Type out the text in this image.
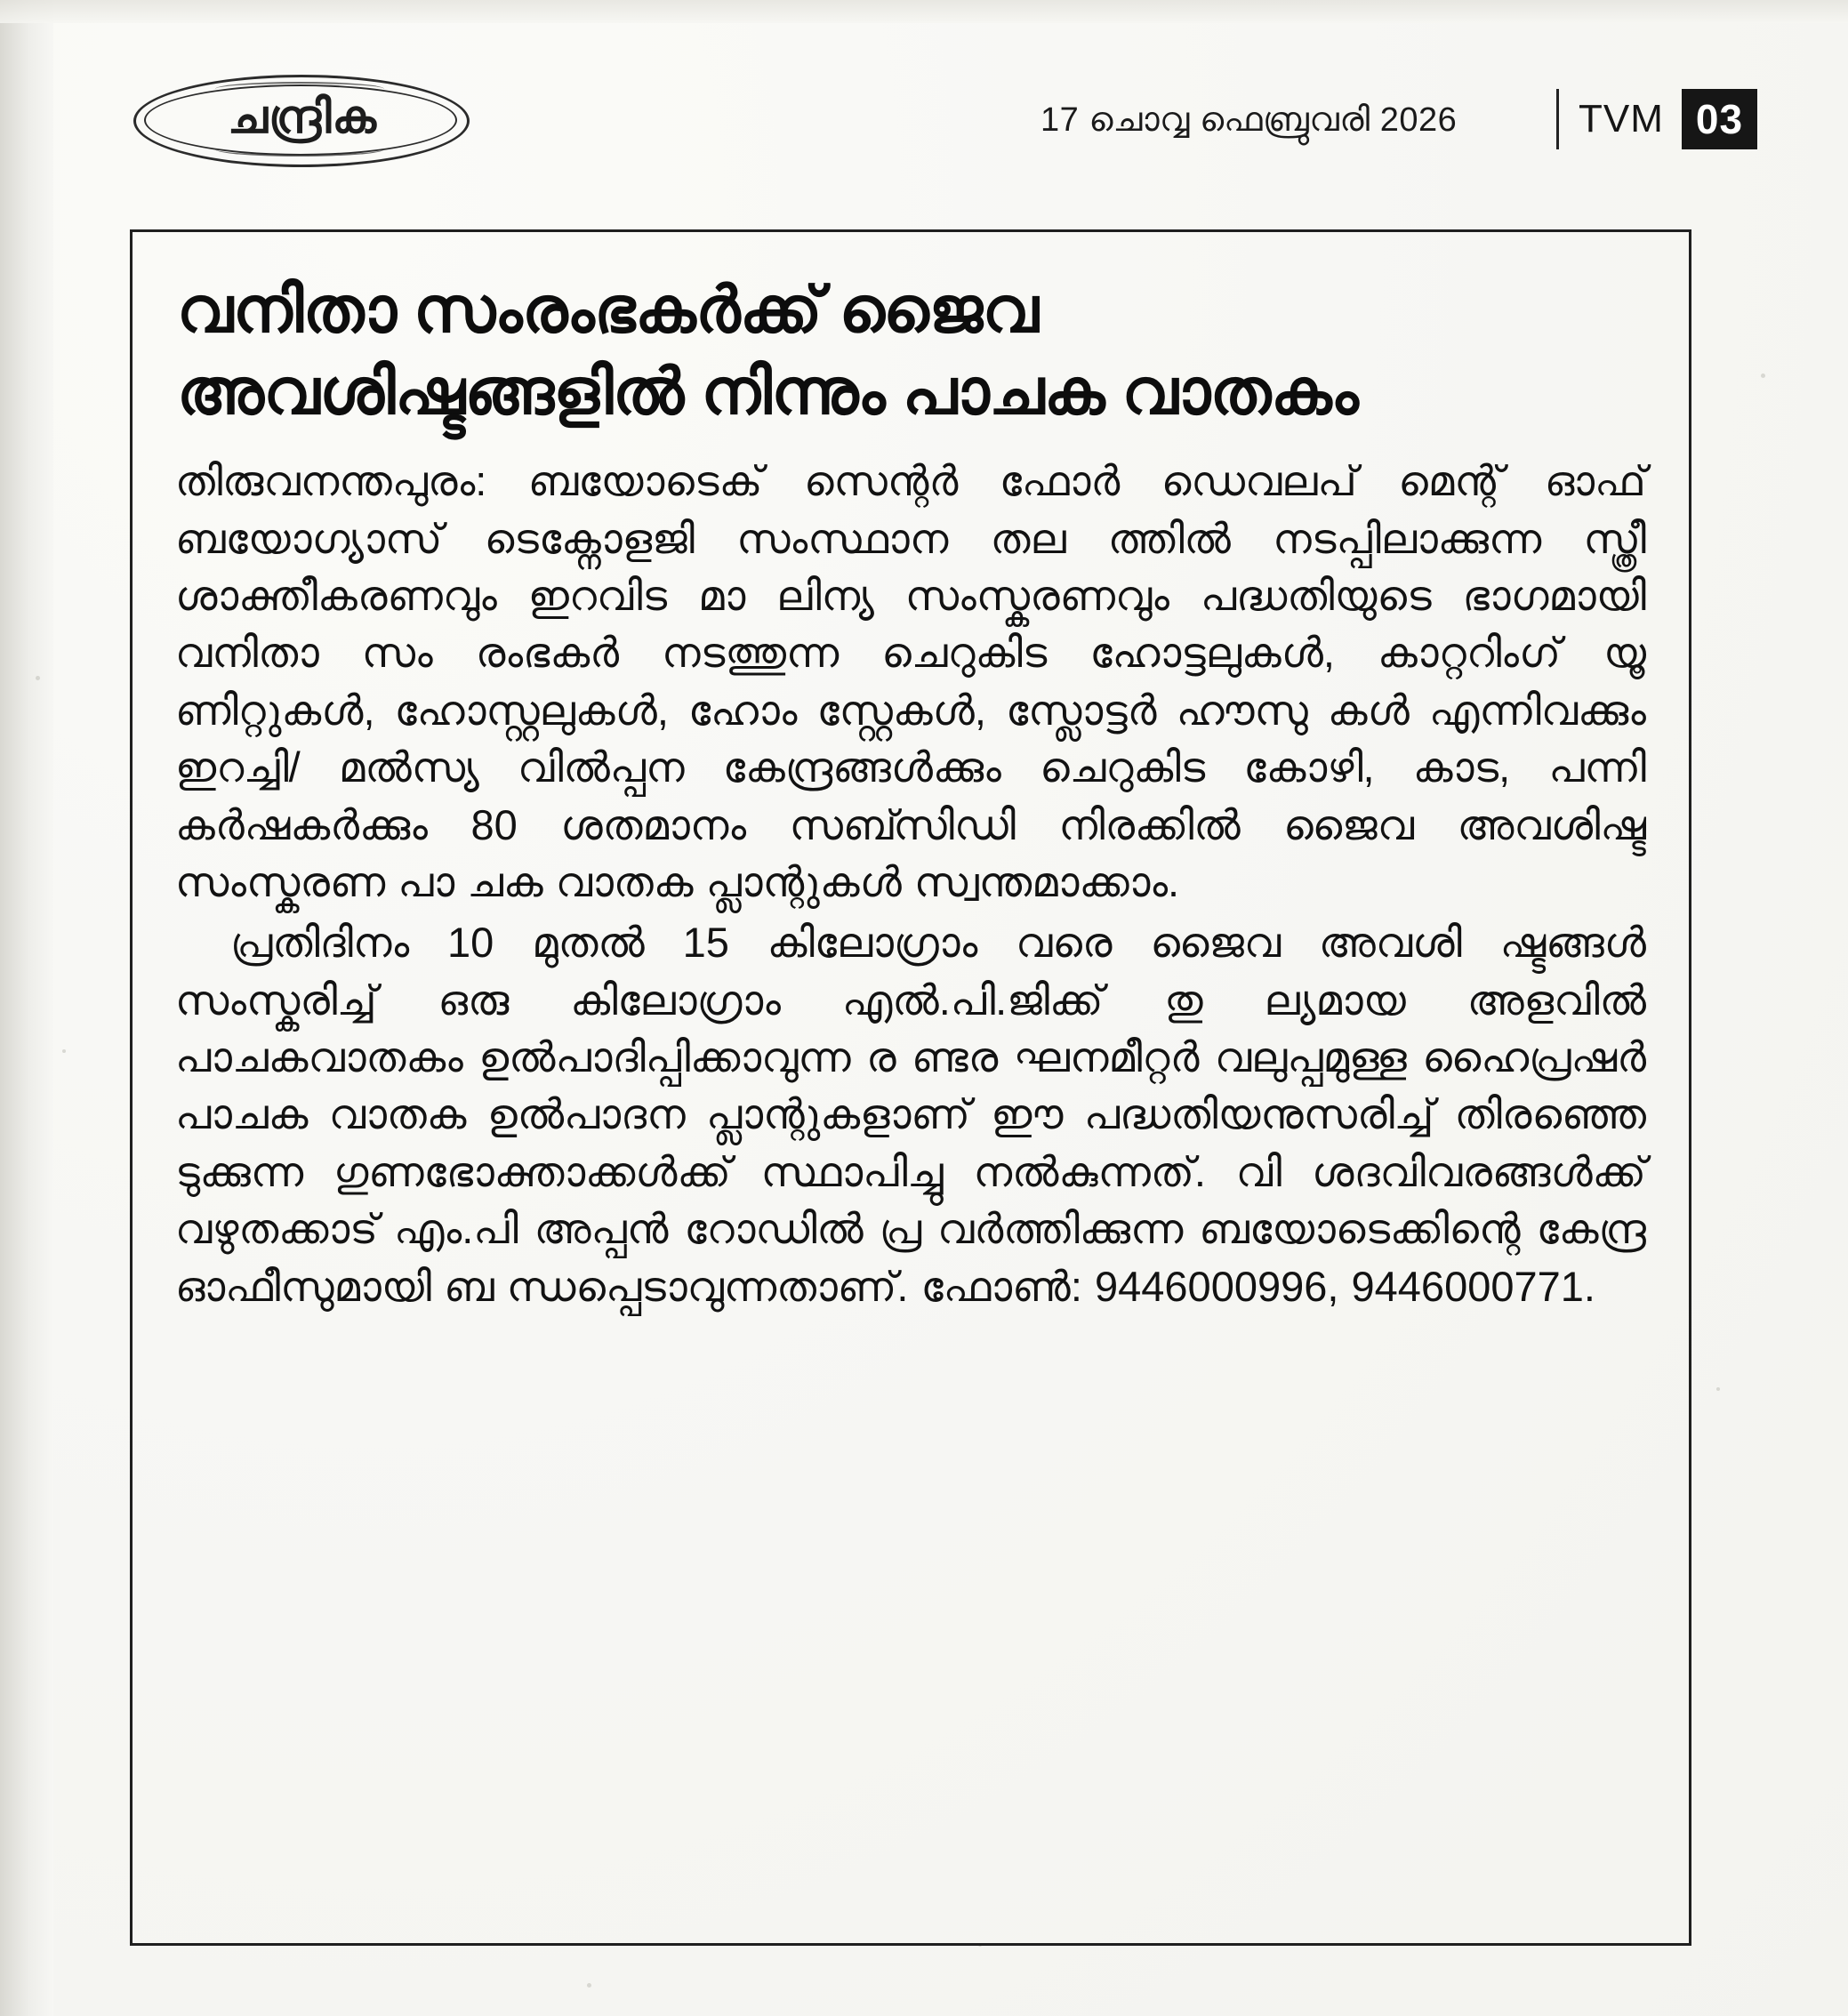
ചന്ദ്രിക	17 ചൊവ്വ ഫെബ്രുവരി 2026	TVM 03
വനിതാ സംരംഭകർക്ക് ജൈവ
അവശിഷ്ടങ്ങളിൽ നിന്നും പാചക വാതകം

തിരുവനന്തപുരം: ബയോടെക് സെന്റർ ഫോർ ഡെവലപ് മെന്റ് ഓഫ് ബയോഗ്യാസ് ടെക്നോളജി സംസ്ഥാന തല ത്തിൽ നടപ്പിലാക്കുന്ന സ്ത്രീ ശാക്തീകരണവും ഇറവിട മാ ലിന്യ സംസ്കരണവും പദ്ധതിയുടെ ഭാഗമായി വനിതാ സം രംഭകർ നടത്തുന്ന ചെറുകിട ഹോട്ടലുകൾ, കാറ്ററിംഗ് യൂ ണിറ്റുകൾ, ഹോസ്റ്റലുകൾ, ഹോം സ്റ്റേകൾ, സ്ലോട്ടർ ഹൗസു കൾ എന്നിവക്കും ഇറച്ചി/ മൽസ്യ വിൽപ്പന കേന്ദ്രങ്ങൾക്കും ചെറുകിട കോഴി, കാട, പന്നി കർഷകർക്കും 80 ശതമാനം സബ്സിഡി നിരക്കിൽ ജൈവ അവശിഷ്ട സംസ്കരണ പാ ചക വാതക പ്ലാന്റുകൾ സ്വന്തമാക്കാം.

പ്രതിദിനം 10 മുതൽ 15 കിലോഗ്രാം വരെ ജൈവ അവശി ഷ്ടങ്ങൾ സംസ്കരിച്ച് ഒരു കിലോഗ്രാം എൽ.പി.ജിക്ക് തു ല്യമായ അളവിൽ പാചകവാതകം ഉൽപാദിപ്പിക്കാവുന്ന ര ണ്ടര ഘനമീറ്റർ വലുപ്പമുള്ള ഹൈപ്രഷർ പാചക വാതക ഉൽപാദന പ്ലാന്റുകളാണ് ഈ പദ്ധതിയനുസരിച്ച് തിരഞ്ഞെ ടുക്കുന്ന ഗുണഭോക്താക്കൾക്ക് സ്ഥാപിച്ചു നൽകുന്നത്. വി ശദവിവരങ്ങൾക്ക് വഴുതക്കാട് എം.പി അപ്പൻ റോഡിൽ പ്ര വർത്തിക്കുന്ന ബയോടെക്കിന്റെ കേന്ദ്ര ഓഫീസുമായി ബ ന്ധപ്പെടാവുന്നതാണ്. ഫോൺ: 9446000996, 9446000771.
